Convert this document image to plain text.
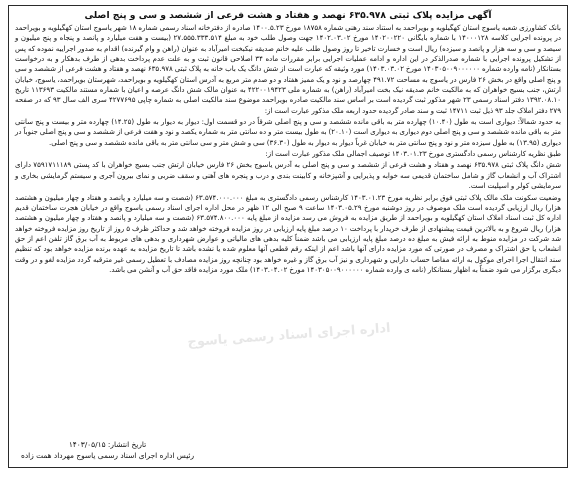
آگهی مزایده پلاک ثبتی ۶۳۵.۹۷۸ نهصد و هفتاد و هشت فرعی از ششصد و سی و پنج اصلی
بانک کشاورزی شعبه یاسوج استان کهگیلویه و بویراحمد به استناد سند رهنی شماره ۱۸۷۵۸ مورخ ۱۴۰۰.۵.۲۳ صادره از دفترخانه اسناد رسمی شماره ۱۸ شهر یاسوج استان کهگیلویه و بویراحمد در پرونده اجرایی کلاسه ۱۴۰۰۰۱۲۸ با شماره بایگانی ۱۴۰۲۰۰۲۲۰ مورخ ۱۴۰۲.۰۳.۰۲ جهت وصول طلب خود به مبلغ ۲۷.۵۵۵.۳۳۳.۵۱۴ (بیست و هفت میلیارد و پانصد و پنجاه و پنج میلیون و سیصد و سی و سه هزار و پانصد و سیزده) ریال است و خسارت تاخیر تا روز وصول طلب علیه خانم صدیقه نیکبخت امیرآباد به عنوان (راهن و وام گیرنده) اقدام به صدور اجراییه نموده که پس از تشکیل پرونده اجرایی با شماره صدرالذکر در این اداره و ادامه عملیات اجرایی برابر مقررات ماده ۳۴ اصلاحی قانون ثبت و به علت عدم پرداخت بدهی از طرف بدهکار و به درخواست بستانکار (نامه وارده شماره ۱۴۰۳۰۵۰۰۹۰۰۰۰۰۰ مورخ ۱۴۰۳.۰۳.۰۲) مورد وثیقه که عبارت است از شش دانگ یک باب خانه به پلاک ثبتی ۶۳۵.۹۷۸ نهصد و هفتاد و هشت فرعی از ششصد و سی و پنج اصلی واقع در بخش ۲۶ فارس در یاسوج به مساحت ۴۹۱.۷۲ چهارصد و نود و یک ممیز هفتاد و دو صدم متر مربع به آدرس استان کهگیلویه و بویراحمد، شهرستان بویراحمد، یاسوج، خیابان ارتش، جنب بسیج خواهران که به مالکیت خانم صدیقه نیک بخت امیرآباد (راهن) به شماره ملی ۴۲۲۰۰۱۹۴۲۳ به عنوان مالک شش دانگ عرصه و اعیان با شماره مستند مالکیت ۱۱۳۶۹۳ تاریخ ۱۳۹۲.۰۸.۱۰ دفتر اسناد رسمی ۲۳ شهر مذکور ثبت گردیده است بر اساس سند مالکیت صادره بویراحمد موضوع سند مالکیت اصلی به شماره چاپی ۴۲۷۷۶۹۵ سری الف سال ۹۳ که در صفحه ۲۷۹ دفتر املاک جلد ۹۳ ذیل ثبت ۱۴۷۱۱ ثبت و سند صادر گردیده حدود اربعه ملک مذکور عبارت است از:
به حدود شمالاً: دیواری است به طول (۱۰.۴۰) چهارده متر به باقی مانده ششصد و سی و پنج اصلی شرقاً در دو قسمت اول: دیوار به دیوار به طول (۱۴.۲۵) چهارده متر و بیست و پنج سانتی متر به باقی مانده ششصد و سی و پنج اصلی دوم دیواری به دیواری است (۲۰.۱۰) به طول بیست متر و ده سانتی متر به شماره یکصد و نود و هفت فرعی از ششصد و سی و پنج اصلی جنوباً در دیواری (۱۳.۹۵) به طول سیزده متر و نود و پنج سانتی متر به خیابان غرباً دیوار به دیوار به طول (۳۶.۳۰) سی و شش متر و سی سانتی متر به باقی مانده ششصد و سی و پنج اصلی.
طبق نظریه کارشناس رسمی دادگستری مورخ ۱۴۰۳.۰۱.۲۳ توصیف اجمالی ملک مذکور عبارت است از:
شش دانگ پلاک ثبتی ۶۳۵.۹۷۸ نهصد و هفتاد و هشت فرعی از ششصد و سی و پنج اصلی به آدرس یاسوج بخش ۲۶ فارس خیابان ارتش جنب بسیج خواهران با کد پستی ۷۵۹۱۷۱۱۱۸۹ دارای اشتراک آب و انشعاب گاز و شامل ساختمان قدیمی سه خوابه و پذیرایی و آشپزخانه و کابینت بندی و درب و پنجره های آهنی و سقف ضربی و نمای بیرون آجری و سیستم گرمایشی بخاری و سرمایشی کولر و اسپلیت است.
وضعیت سکونت ملک مالک پلاک ثبتی فوق برابر نظریه مورخ ۱۴۰۳.۰۱.۲۳ کارشناس رسمی دادگستری به مبلغ ۶۳.۵۷۴.۰۰۰.۰۰۰ (شصت و سه میلیارد و پانصد و هفتاد و چهار میلیون و هشتصد هزار) ریال ارزیابی گردیده است ملک موصوف در روز دوشنبه مورخ ۱۴۰۳.۰۵.۲۹ ساعت ۹ صبح الی ۱۲ ظهر در محل اداره اجرای اسناد رسمی یاسوج واقع در خیابان هجرت ساختمان قدیم اداره کل ثبت اسناد املاک استان کهگیلویه و بویراحمد از طریق مزایده به فروش می رسد مزایده از مبلغ پایه ۶۳.۵۷۴.۸۰۰.۰۰۰ (شصت و سه میلیارد و پانصد و هفتاد و چهار میلیون و هشتصد هزار) ریال شروع و به بالاترین قیمت پیشنهادی از طرف خریدار با پرداخت ۱۰ درصد مبلغ پایه ارزیابی در روز مزایده فروخته خواهد شد و حداکثر ظرف ۵ روز از تاریخ روز مزایده فروخته خواهد شد شرکت در مزایده منوط به ارائه فیش به مبلغ ده درصد مبلغ پایه ارزیابی می باشد ضمناً کلیه بدهی های مالیاتی و عوارض شهرداری و بدهی های مربوط به آب برق گاز تلفن اعم از حق انشعاب یا حق اشتراک و مصرف در صورتی که مورد مزایده دارای آنها باشد اعم از اینکه رقم قطعی آنها معلوم شده یا نشده باشد تا تاریخ مزایده به عهده برنده مزایده خواهد بود که تنظیم سند انتقال اجرا اجرای موکول به ارائه مفاصا حساب دارایی و شهرداری و نیز آب برق گاز و غیره خواهد بود چنانچه روز مزایده مصادف با تعطیل رسمی غیر مترقبه گردد مزایده لغو و در وقت دیگری برگزار می شود ضمناً به اظهار بستانکار (نامه ی وارده شماره ۱۴۰۳۰۵۰۰۹۰۰۰۰۰۰ مورخ ۱۴۰۳.۰۴.۰۲) ملک مورد مزایده فاقد حق آب و آنشن می باشد.
اداره اجرای اسناد رسمی یاسوج
تاریخ انتشار: ۱۴۰۳/۰۵/۱۵
رئیس اداره اجرای اسناد رسمی یاسوج مهرداد همت زاده
